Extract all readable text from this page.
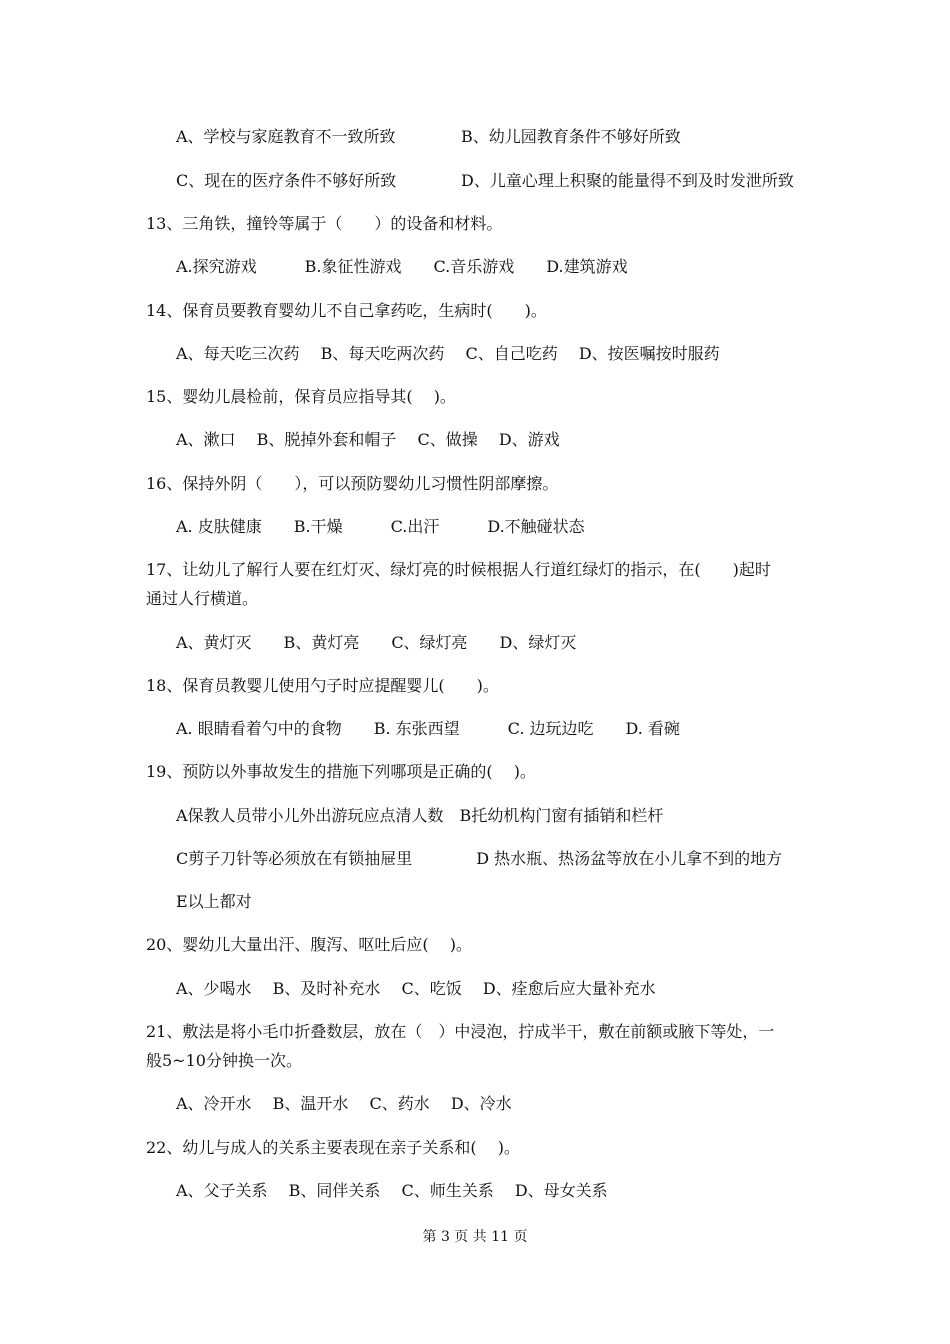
A、学校与家庭教育不一致所致	B、幼儿园教育条件不够好所致
C、现在的医疗条件不够好所致	D、儿童心理上积聚的能量得不到及时发泄所致
13、三角铁，撞铃等属于（　　）的设备和材料。
A.探究游戏　　　B.象征性游戏　　C.音乐游戏　　D.建筑游戏
14、保育员要教育婴幼儿不自己拿药吃，生病时(　　)。
A、每天吃三次药　 B、每天吃两次药　 C、自己吃药　 D、按医嘱按时服药
15、婴幼儿晨检前，保育员应指导其(　 )。
A、漱口　 B、脱掉外套和帽子　 C、做操　 D、游戏
16、保持外阴（　　），可以预防婴幼儿习惯性阴部摩擦。
A. 皮肤健康　　B.干燥　　　C.出汗　　　D.不触碰状态
17、让幼儿了解行人要在红灯灭、绿灯亮的时候根据人行道红绿灯的指示，在(　　)起时
通过人行横道。
A、黄灯灭　　B、黄灯亮　　C、绿灯亮　　D、绿灯灭
18、保育员教婴儿使用勺子时应提醒婴儿(　　)。
A. 眼睛看着勺中的食物　　B. 东张西望　　　C. 边玩边吃　　D. 看碗
19、预防以外事故发生的措施下列哪项是正确的(　 )。
A保教人员带小儿外出游玩应点清人数　B托幼机构门窗有插销和栏杆
C剪子刀针等必须放在有锁抽屉里　　　　D 热水瓶、热汤盆等放在小儿拿不到的地方
E以上都对
20、婴幼儿大量出汗、腹泻、呕吐后应(　 )。
A、少喝水　 B、及时补充水　 C、吃饭　 D、痊愈后应大量补充水
21、敷法是将小毛巾折叠数层，放在（　）中浸泡，拧成半干，敷在前额或腋下等处，一
般5~10分钟换一次。
A、冷开水　 B、温开水　 C、药水　 D、冷水
22、幼儿与成人的关系主要表现在亲子关系和(　 )。
A、父子关系　 B、同伴关系　 C、师生关系　 D、母女关系
第 3 页 共 11 页
